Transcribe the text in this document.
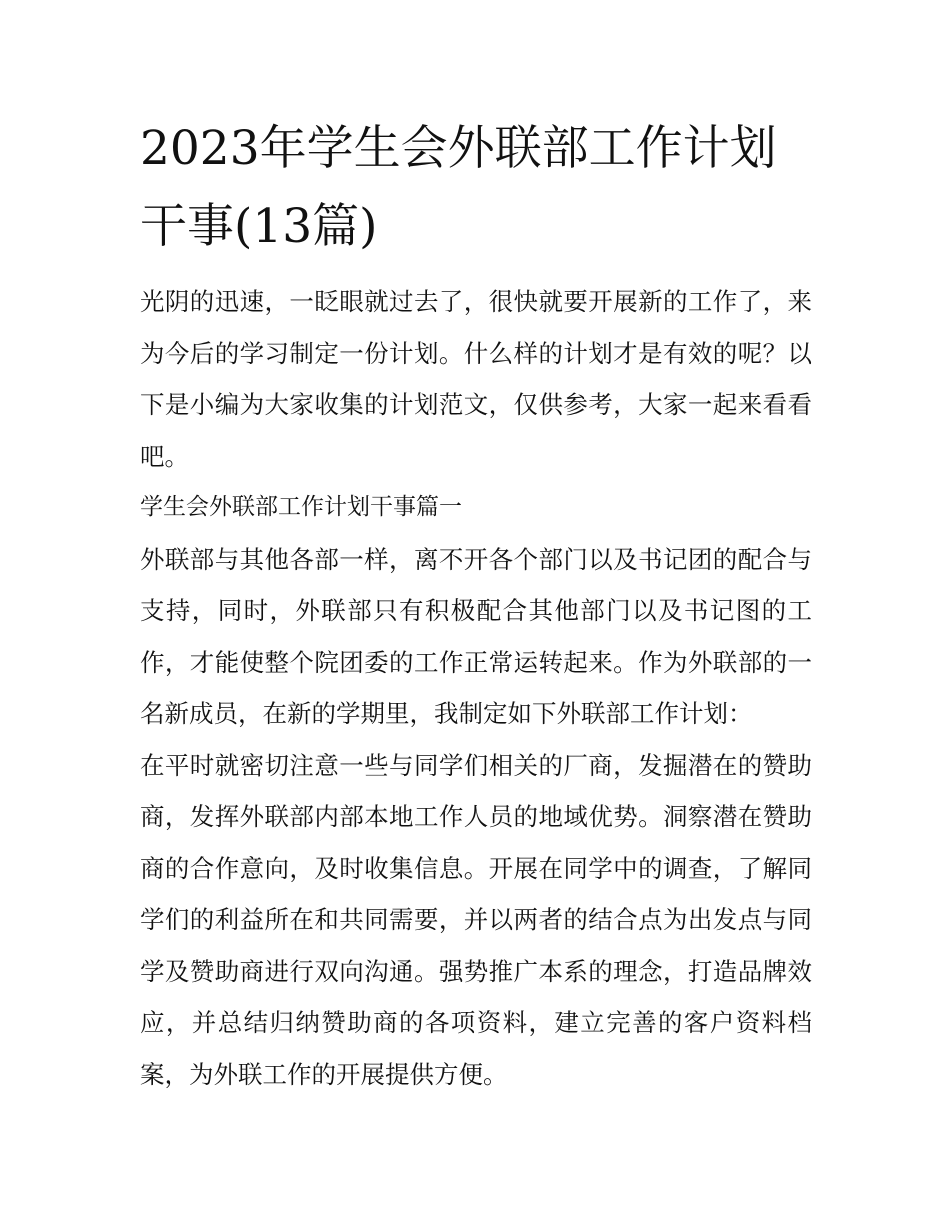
2023年学生会外联部工作计划干事(13篇)

光阴的迅速，一眨眼就过去了，很快就要开展新的工作了，来为今后的学习制定一份计划。什么样的计划才是有效的呢？以下是小编为大家收集的计划范文，仅供参考，大家一起来看看吧。

学生会外联部工作计划干事篇一

外联部与其他各部一样，离不开各个部门以及书记团的配合与支持，同时，外联部只有积极配合其他部门以及书记图的工作，才能使整个院团委的工作正常运转起来。作为外联部的一名新成员，在新的学期里，我制定如下外联部工作计划：

在平时就密切注意一些与同学们相关的厂商，发掘潜在的赞助商，发挥外联部内部本地工作人员的地域优势。洞察潜在赞助商的合作意向，及时收集信息。开展在同学中的调查，了解同学们的利益所在和共同需要，并以两者的结合点为出发点与同学及赞助商进行双向沟通。强势推广本系的理念，打造品牌效应，并总结归纳赞助商的各项资料，建立完善的客户资料档案，为外联工作的开展提供方便。
